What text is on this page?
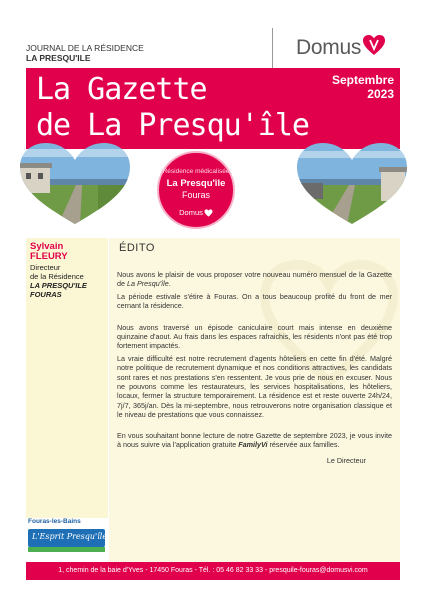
JOURNAL DE LA RÉSIDENCE
LA PRESQU'ILE	Domus
La Gazette
de La Presqu'île
Septembre
2023
Résidence médicalisée
La Presqu'île
Fouras
Domus
Sylvain
FLEURY
Directeur
de la Résidence
LA PRESQU'ILE
FOURAS
ÉDITO

Nous avons le plaisir de vous proposer votre nouveau numéro mensuel de la Gazette de La Presqu'île.

La période estivale s'étire à Fouras. On a tous beaucoup profité du front de mer cernant la résidence.

Nous avons traversé un épisode caniculaire court mais intense en deuxième quinzaine d'aout. Au frais dans les espaces rafraichis, les résidents n'ont pas été trop fortement impactés.

La vraie difficulté est notre recrutement d'agents hôteliers en cette fin d'été. Malgré notre politique de recrutement dynamique et nos conditions attractives, les candidats sont rares et nos prestations s'en ressentent. Je vous prie de nous en excuser. Nous ne pouvons comme les restaurateurs, les services hospitalisations, les hôteliers, locaux, fermer la structure temporairement. La résidence est et reste ouverte 24h/24, 7j/7, 365j/an. Dès la mi-septembre, nous retrouverons notre organisation classique et le niveau de prestations que vous connaissez.

En vous souhaitant bonne lecture de notre Gazette de septembre 2023, je vous invite à nous suivre via l'application gratuite FamilyVi réservée aux familles.

Le Directeur
Fouras-les-Bains
L'Esprit Presqu'île
1, chemin de la baie d'Yves - 17450 Fouras - Tél. : 05 46 82 33 33 - presquile-fouras@domusvi.com
